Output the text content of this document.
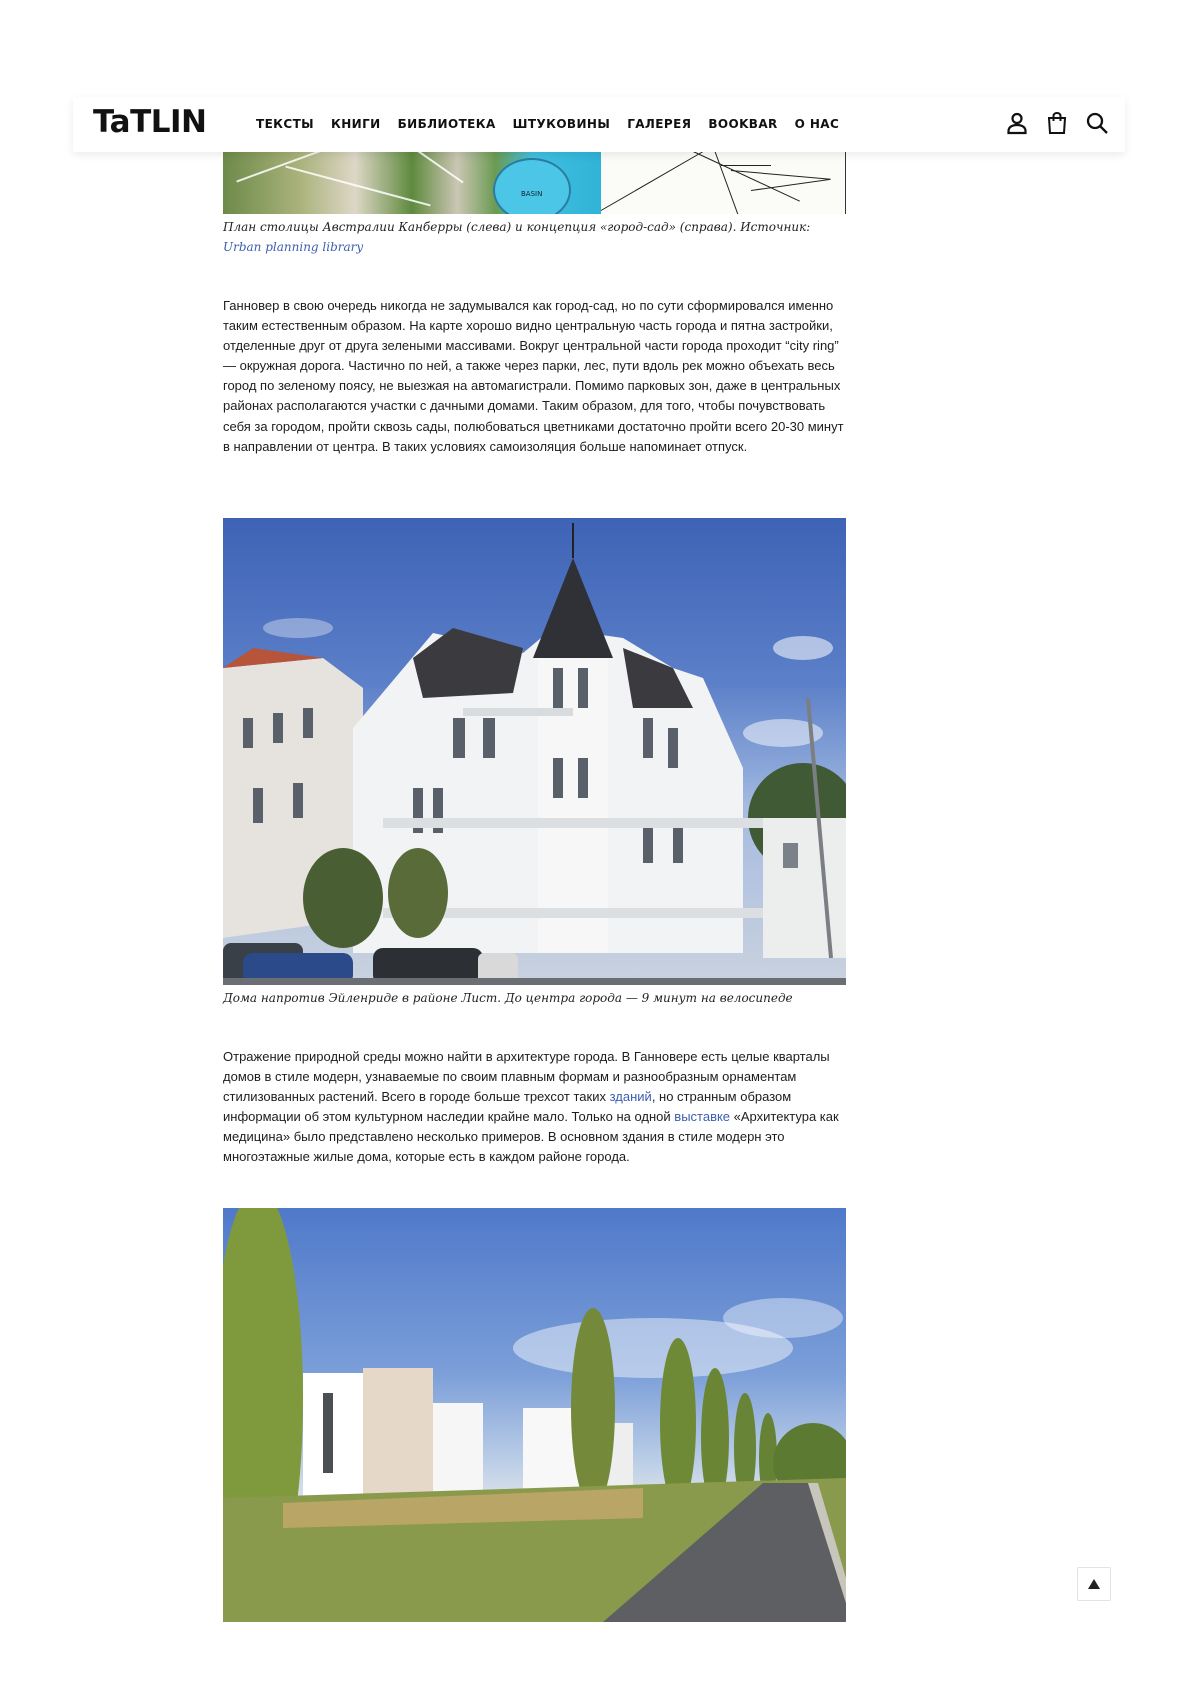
TaTLIN	ТЕКСТЫ КНИГИ БИБЛИОТЕКА ШТУКОВИНЫ ГАЛЕРЕЯ BOOKBAR О НАС
BASIN
План столицы Австралии Канберры (слева) и концепция «город-сад» (справа). Источник: Urban planning library

Ганновер в свою очередь никогда не задумывался как город-сад, но по сути сформировался именно таким естественным образом. На карте хорошо видно центральную часть города и пятна застройки, отделенные друг от друга зелеными массивами. Вокруг центральной части города проходит “city ring” — окружная дорога. Частично по ней, а также через парки, лес, пути вдоль рек можно объехать весь город по зеленому поясу, не выезжая на автомагистрали. Помимо парковых зон, даже в центральных районах располагаются участки с дачными домами. Таким образом, для того, чтобы почувствовать себя за городом, пройти сквозь сады, полюбоваться цветниками достаточно пройти всего 20-30 минут в направлении от центра. В таких условиях самоизоляция больше напоминает отпуск.

Дома напротив Эйленриде в районе Лист. До центра города — 9 минут на велосипеде

Отражение природной среды можно найти в архитектуре города. В Ганновере есть целые кварталы домов в стиле модерн, узнаваемые по своим плавным формам и разнообразным орнаментам стилизованных растений. Всего в городе больше трехсот таких зданий, но странным образом информации об этом культурном наследии крайне мало. Только на одной выставке «Архитектура как медицина» было представлено несколько примеров. В основном здания в стиле модерн это многоэтажные жилые дома, которые есть в каждом районе города.
